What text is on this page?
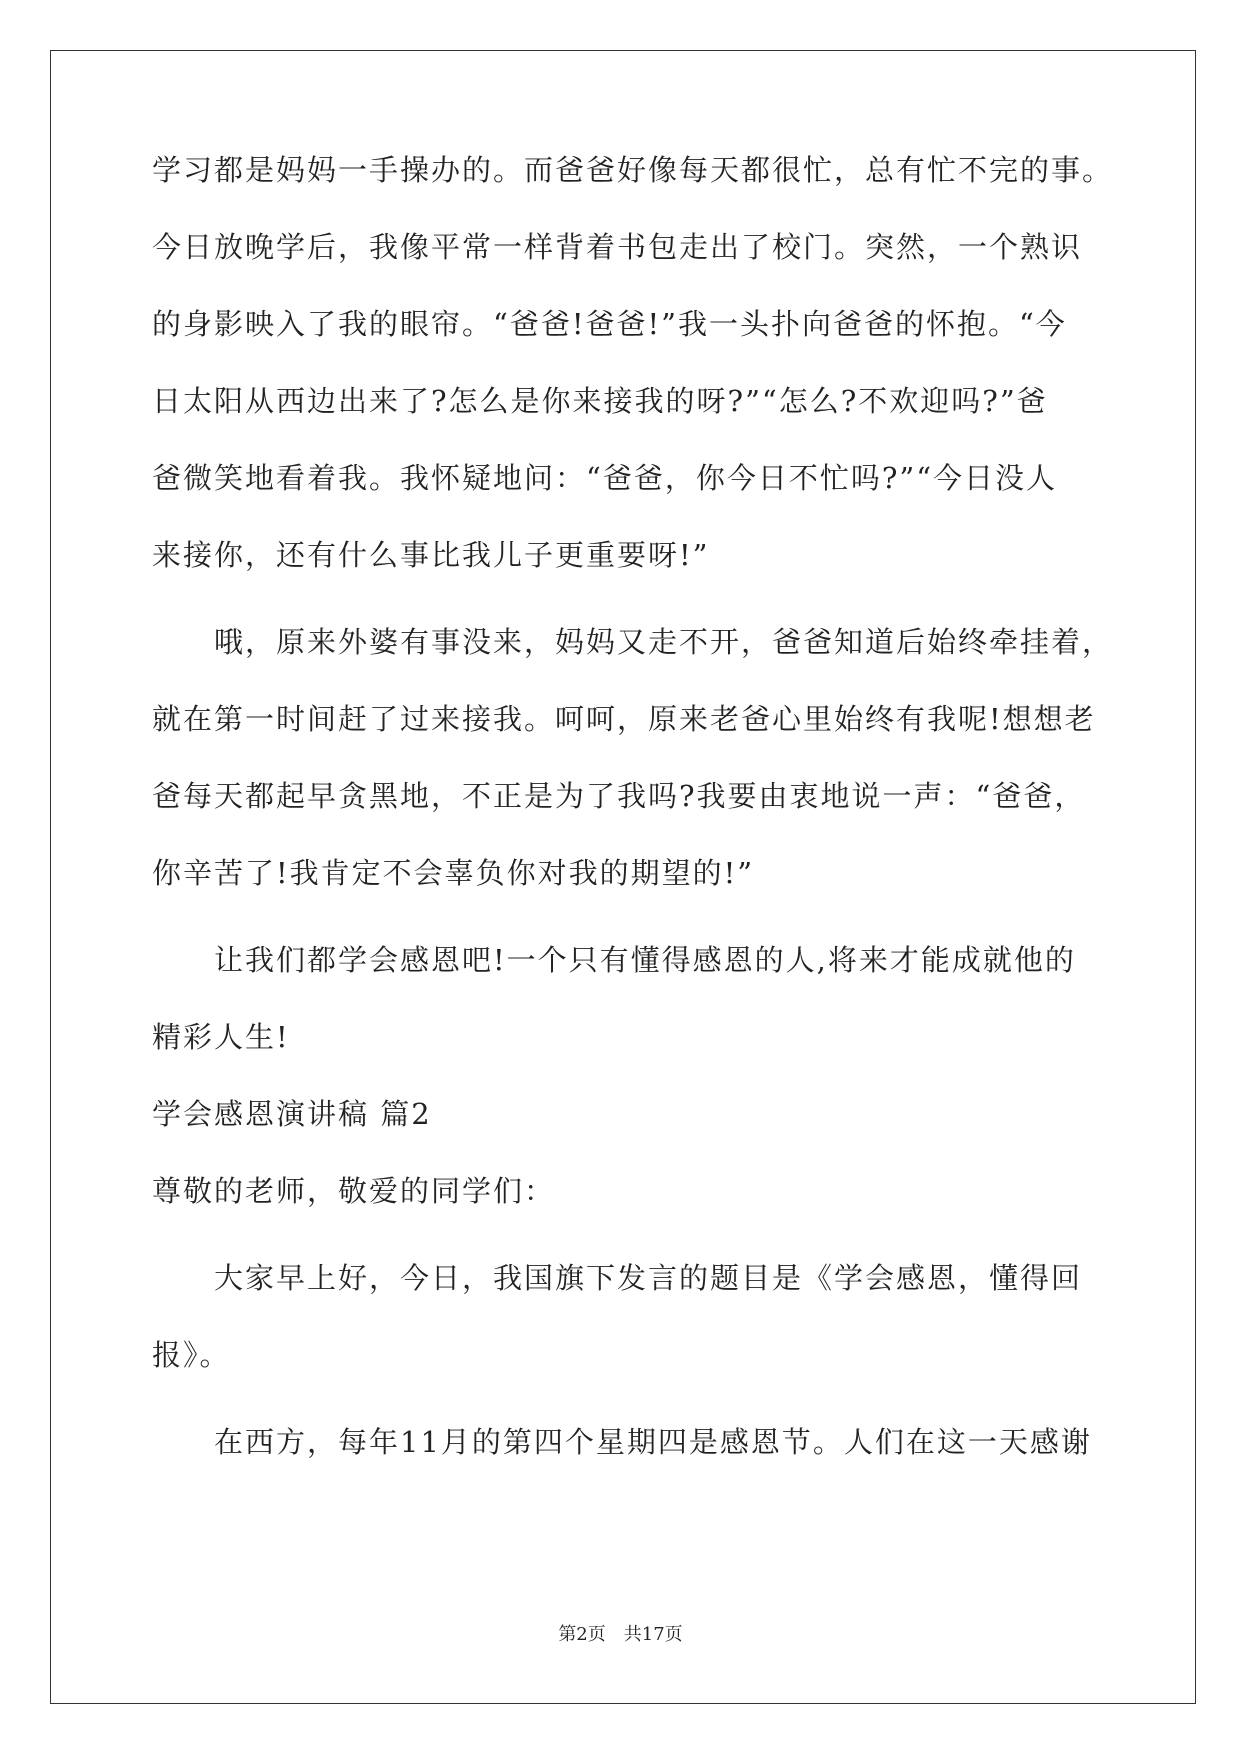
学习都是妈妈一手操办的。而爸爸好像每天都很忙，总有忙不完的事。
今日放晚学后，我像平常一样背着书包走出了校门。突然，一个熟识
的身影映入了我的眼帘。“爸爸!爸爸!”我一头扑向爸爸的怀抱。“今
日太阳从西边出来了?怎么是你来接我的呀?”“怎么?不欢迎吗?”爸
爸微笑地看着我。我怀疑地问：“爸爸，你今日不忙吗?”“今日没人
来接你，还有什么事比我儿子更重要呀!”
哦，原来外婆有事没来，妈妈又走不开，爸爸知道后始终牵挂着，
就在第一时间赶了过来接我。呵呵，原来老爸心里始终有我呢!想想老
爸每天都起早贪黑地，不正是为了我吗?我要由衷地说一声：“爸爸，
你辛苦了!我肯定不会辜负你对我的期望的!”
让我们都学会感恩吧!一个只有懂得感恩的人,将来才能成就他的
精彩人生!
学会感恩演讲稿 篇2
尊敬的老师，敬爱的同学们：
大家早上好，今日，我国旗下发言的题目是《学会感恩，懂得回
报》。
在西方，每年11月的第四个星期四是感恩节。人们在这一天感谢
第2页　共17页
